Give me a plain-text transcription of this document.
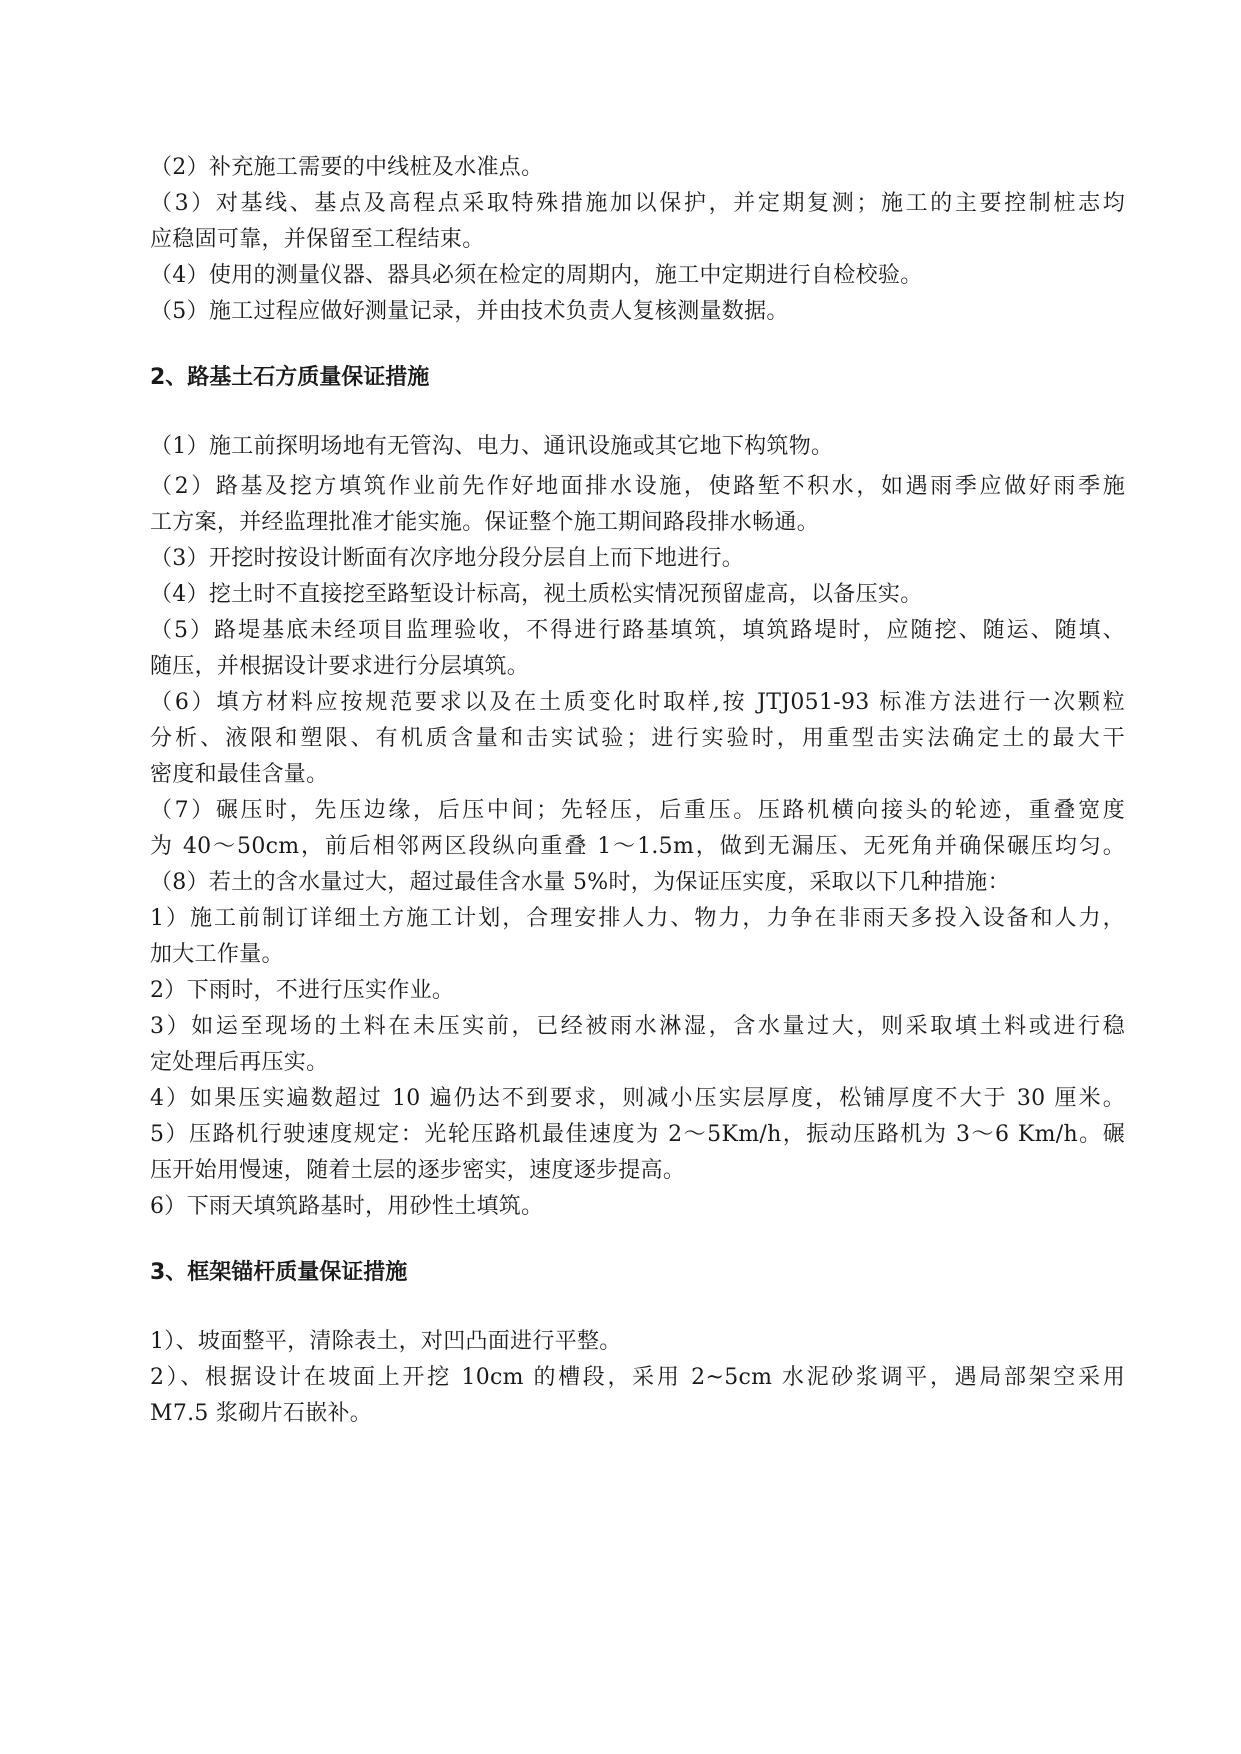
（2）补充施工需要的中线桩及水准点。
（3）对基线、基点及高程点采取特殊措施加以保护，并定期复测；施工的主要控制桩志均
应稳固可靠，并保留至工程结束。
（4）使用的测量仪器、器具必须在检定的周期内，施工中定期进行自检校验。
（5）施工过程应做好测量记录，并由技术负责人复核测量数据。
2、路基土石方质量保证措施
（1）施工前探明场地有无管沟、电力、通讯设施或其它地下构筑物。
（2）路基及挖方填筑作业前先作好地面排水设施，使路堑不积水，如遇雨季应做好雨季施
工方案，并经监理批准才能实施。保证整个施工期间路段排水畅通。
（3）开挖时按设计断面有次序地分段分层自上而下地进行。
（4）挖土时不直接挖至路堑设计标高，视土质松实情况预留虚高，以备压实。
（5）路堤基底未经项目监理验收，不得进行路基填筑，填筑路堤时，应随挖、随运、随填、
随压，并根据设计要求进行分层填筑。
（6）填方材料应按规范要求以及在土质变化时取样,按 JTJ051-93 标准方法进行一次颗粒
分析、液限和塑限、有机质含量和击实试验；进行实验时，用重型击实法确定土的最大干
密度和最佳含量。
（7）碾压时，先压边缘，后压中间；先轻压，后重压。压路机横向接头的轮迹，重叠宽度
为 40～50cm，前后相邻两区段纵向重叠 1～1.5m，做到无漏压、无死角并确保碾压均匀。
（8）若土的含水量过大，超过最佳含水量 5%时，为保证压实度，采取以下几种措施：
1）施工前制订详细土方施工计划，合理安排人力、物力，力争在非雨天多投入设备和人力，
加大工作量。
2）下雨时，不进行压实作业。
3）如运至现场的土料在未压实前，已经被雨水淋湿，含水量过大，则采取填土料或进行稳
定处理后再压实。
4）如果压实遍数超过 10 遍仍达不到要求，则减小压实层厚度，松铺厚度不大于 30 厘米。
5）压路机行驶速度规定：光轮压路机最佳速度为 2～5Km/h，振动压路机为 3～6 Km/h。碾
压开始用慢速，随着土层的逐步密实，速度逐步提高。
6）下雨天填筑路基时，用砂性土填筑。
3、框架锚杆质量保证措施
1）、坡面整平，清除表土，对凹凸面进行平整。
2）、根据设计在坡面上开挖 10cm 的槽段，采用 2~5cm 水泥砂浆调平，遇局部架空采用
M7.5 浆砌片石嵌补。
